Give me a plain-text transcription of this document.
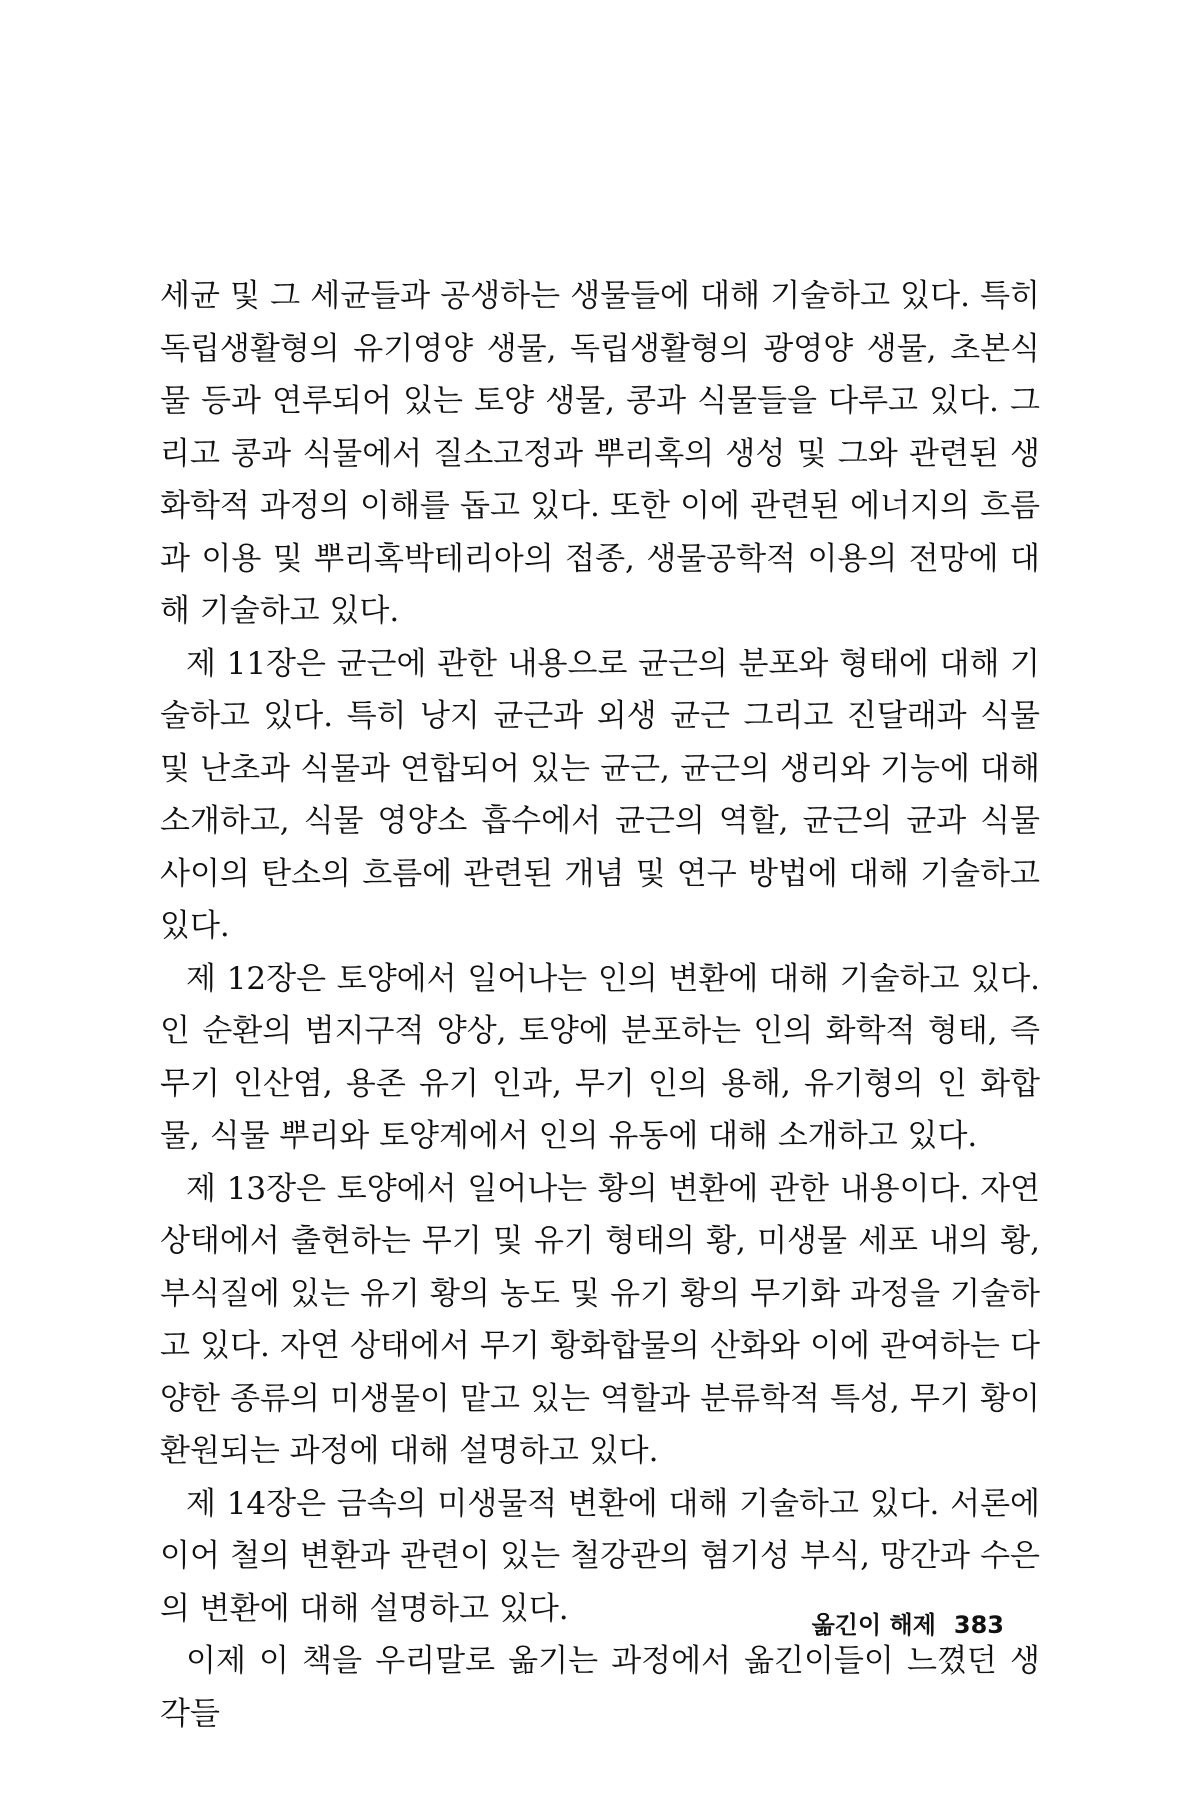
세균 및 그 세균들과 공생하는 생물들에 대해 기술하고 있다. 특히 독립생활형의 유기영양 생물, 독립생활형의 광영양 생물, 초본식물 등과 연루되어 있는 토양 생물, 콩과 식물들을 다루고 있다. 그리고 콩과 식물에서 질소고정과 뿌리혹의 생성 및 그와 관련된 생화학적 과정의 이해를 돕고 있다. 또한 이에 관련된 에너지의 흐름과 이용 및 뿌리혹박테리아의 접종, 생물공학적 이용의 전망에 대해 기술하고 있다.

제 11장은 균근에 관한 내용으로 균근의 분포와 형태에 대해 기술하고 있다. 특히 낭지 균근과 외생 균근 그리고 진달래과 식물 및 난초과 식물과 연합되어 있는 균근, 균근의 생리와 기능에 대해 소개하고, 식물 영양소 흡수에서 균근의 역할, 균근의 균과 식물 사이의 탄소의 흐름에 관련된 개념 및 연구 방법에 대해 기술하고 있다.

제 12장은 토양에서 일어나는 인의 변환에 대해 기술하고 있다. 인 순환의 범지구적 양상, 토양에 분포하는 인의 화학적 형태, 즉 무기 인산염, 용존 유기 인과, 무기 인의 용해, 유기형의 인 화합물, 식물 뿌리와 토양계에서 인의 유동에 대해 소개하고 있다.

제 13장은 토양에서 일어나는 황의 변환에 관한 내용이다. 자연 상태에서 출현하는 무기 및 유기 형태의 황, 미생물 세포 내의 황, 부식질에 있는 유기 황의 농도 및 유기 황의 무기화 과정을 기술하고 있다. 자연 상태에서 무기 황화합물의 산화와 이에 관여하는 다양한 종류의 미생물이 맡고 있는 역할과 분류학적 특성, 무기 황이 환원되는 과정에 대해 설명하고 있다.

제 14장은 금속의 미생물적 변환에 대해 기술하고 있다. 서론에 이어 철의 변환과 관련이 있는 철강관의 혐기성 부식, 망간과 수은의 변환에 대해 설명하고 있다.

이제 이 책을 우리말로 옮기는 과정에서 옮긴이들이 느꼈던 생각들

옮긴이 해제 383
